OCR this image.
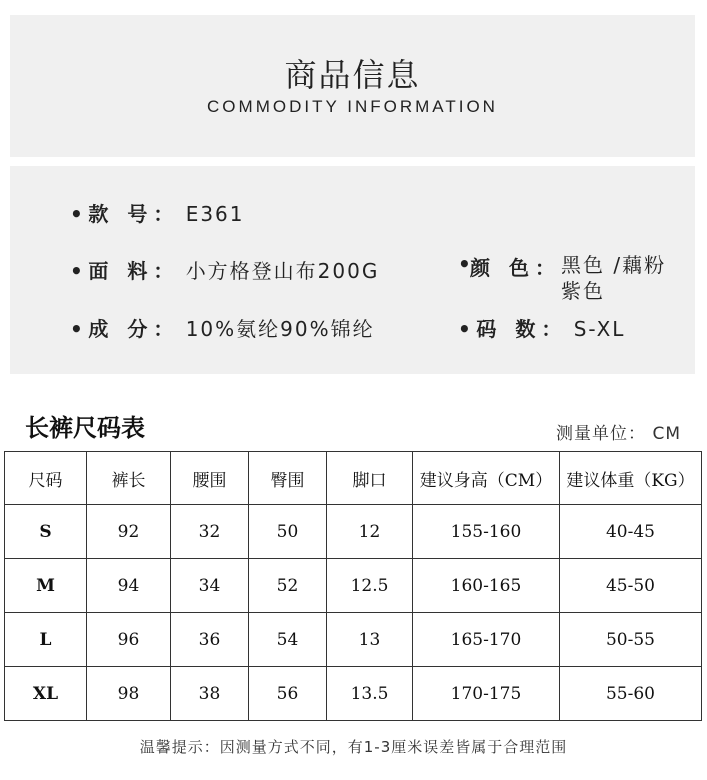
商品信息
COMMODITY INFORMATION
• 款 号： E361
• 面 料： 小方格登山布200G
• 成 分： 10%氨纶90%锦纶
• 颜 色： 黑色 /藕粉紫色
• 码 数： S-XL
长裤尺码表	测量单位： CM
尺码	裤长	腰围	臀围	脚口	建议身高（CM）	建议体重（KG）
S	92	32	50	12	155-160	40-45
M	94	34	52	12.5	160-165	45-50
L	96	36	54	13	165-170	50-55
XL	98	38	56	13.5	170-175	55-60
温馨提示：因测量方式不同，有1-3厘米误差皆属于合理范围
